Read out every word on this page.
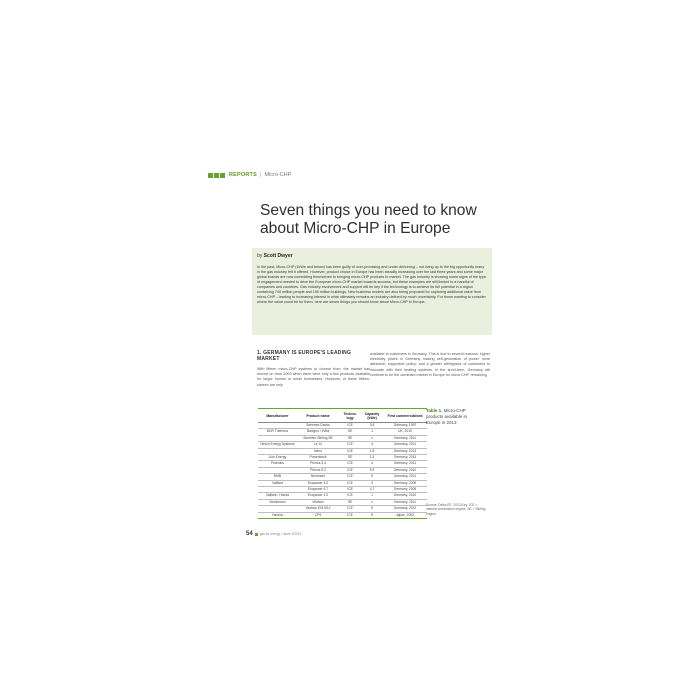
REPORTS | Micro-CHP
Seven things you need to know about Micro-CHP in Europe
by Scott Dwyer

In the past, Micro-CHP (1kWe and below) has been guilty of over-promising and under-delivering – not living up to the big opportunity many in the gas industry felt it offered. However, product choice in Europe has been steadily increasing over the last three years and some major global brands are now committing themselves to bringing micro-CHP products to market. The gas industry is showing some signs of the type of engagement needed to drive the European micro-CHP market towards success, but these examples are still limited to a handful of companies and countries. Gas industry involvement and support will be key if the technology is to achieve its full potential in a region containing 740 million people and 190 million buildings. New business models are also being proposed for capturing additional value from micro-CHP – leading to increasing interest in what ultimately remains an industry defined by much uncertainty. For those wanting to consider where the value could be for them, here are seven things you should know about Micro-CHP in Europe.

1. GERMANY IS EUROPE'S LEADING MARKET

With fifteen micro-CHP systems to choose from, the market has moved on from 2009 when there were only a few products available for larger homes or small businesses. However, of these fifteen, sixteen are only

available to customers in Germany. This is due to several reasons: higher electricity prices in Germany making self-generation of power more attractive; supportive policy; and a greater willingness of customers to innovate with their heating systems. In the short-term, Germany will continue to be the dominant market in Europe for micro-CHP, remaining

Manufacturer	Product name	Techno-logy	Capacity (kWe)	First commercialised
	Senertec Dachs	ICE	5.5	Germany, 1997
BDR Thermea	Baxigen / eVita	SE	1	UK, 2010
	Senertec Stirling SE	SE	1	Germany, 2011
Hirsch Energy Systems	Lk 12	ICE	4	Germany, 2011
	Nano	ICE	1.8	Germany, 2013
Lion Energy	Powerblock	SE	1.5	Germany, 2011
Proenius	Primus 3.4	ICE	4	Germany, 2011
	Primus 5.2	ICE	5.9	Germany, 2010
RMB	Neotower	ICE	5	Germany, 2011
Vaillant	Ecopower 3.0	ICE	3	Germany, 2009
	Ecopower 4.7	ICE	4.7	Germany, 2005
Vaillant / Honda	Ecopower 1.0	ICE	1	Germany, 2010
Viessmann	Vitotwin	SE	1	Germany, 2011
	Vitobloc EM-5/12	ICE	5	Germany, 2012
Yanmar	CP5	ICE	5	Japan, 2002
Table 1. Micro-CHP products available in Europe in 2013
Source: Delta-EE, 2013 Key: ICE = internal combustion engine, SE = Stirling engine
54 gas for energy • Issue 2/2013
